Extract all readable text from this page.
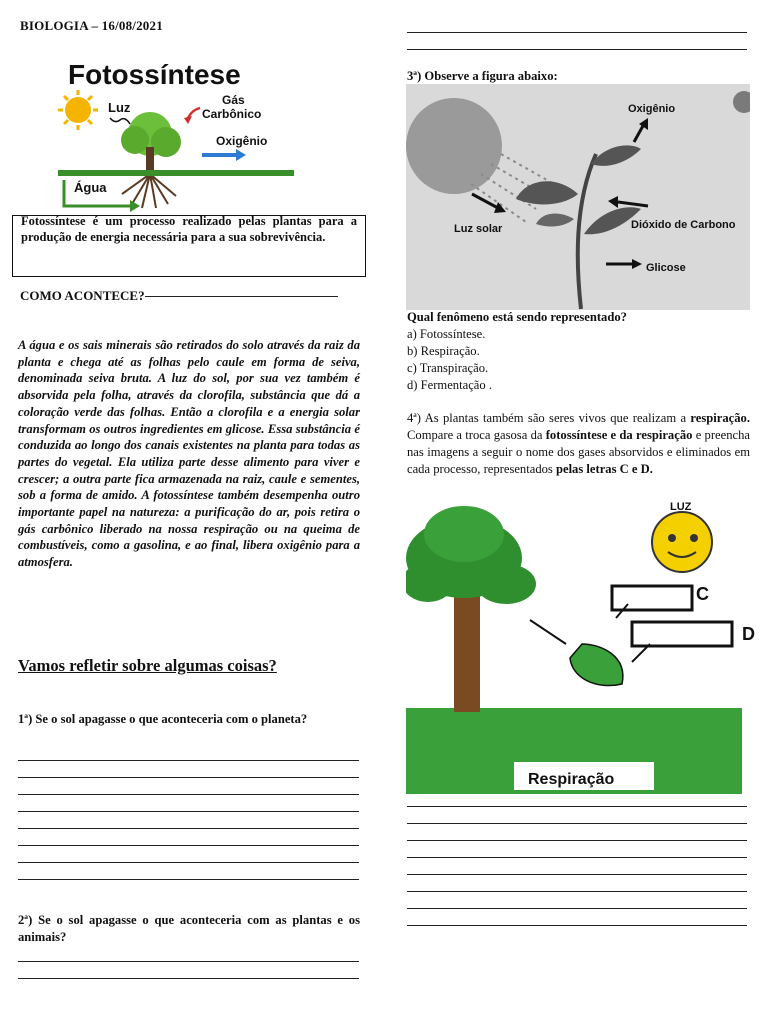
BIOLOGIA – 16/08/2021
Fotossíntese
Luz	Gás
Carbônico
Oxigênio
Água
Fotossíntese é um processo realizado pelas plantas para a produção de energia necessária para a sua sobrevivência.
COMO ACONTECE?
A água e os sais minerais são retirados do solo através da raiz da planta e chega até as folhas pelo caule em forma de seiva, denominada seiva bruta. A luz do sol, por sua vez também é absorvida pela folha, através da clorofila, substância que dá a coloração verde das folhas. Então a clorofila e a energia solar transformam os outros ingredientes em glicose. Essa substância é conduzida ao longo dos canais existentes na planta para todas as partes do vegetal. Ela utiliza parte desse alimento para viver e crescer; a outra parte fica armazenada na raiz, caule e sementes, sob a forma de amido. A fotossíntese também desempenha outro importante papel na natureza: a purificação do ar, pois retira o gás carbônico liberado na nossa respiração ou na queima de combustíveis, como a gasolina, e ao final, libera oxigênio para a atmosfera.
Vamos refletir sobre algumas coisas?
1ª) Se o sol apagasse o que aconteceria com o planeta?
2ª) Se o sol apagasse o que aconteceria com as plantas e os animais?
3ª) Observe a figura abaixo:
Oxigênio
Dióxido de Carbono
Luz solar
Glicose
Qual fenômeno está sendo representado?
a) Fotossíntese.
b) Respiração.
c) Transpiração.
d) Fermentação .
4ª) As plantas também são seres vivos que realizam a respiração. Compare a troca gasosa da fotossíntese e da respiração e preencha nas imagens a seguir o nome dos gases absorvidos e eliminados em cada processo, representados pelas letras C e D.
LUZ
C
D
Respiração
